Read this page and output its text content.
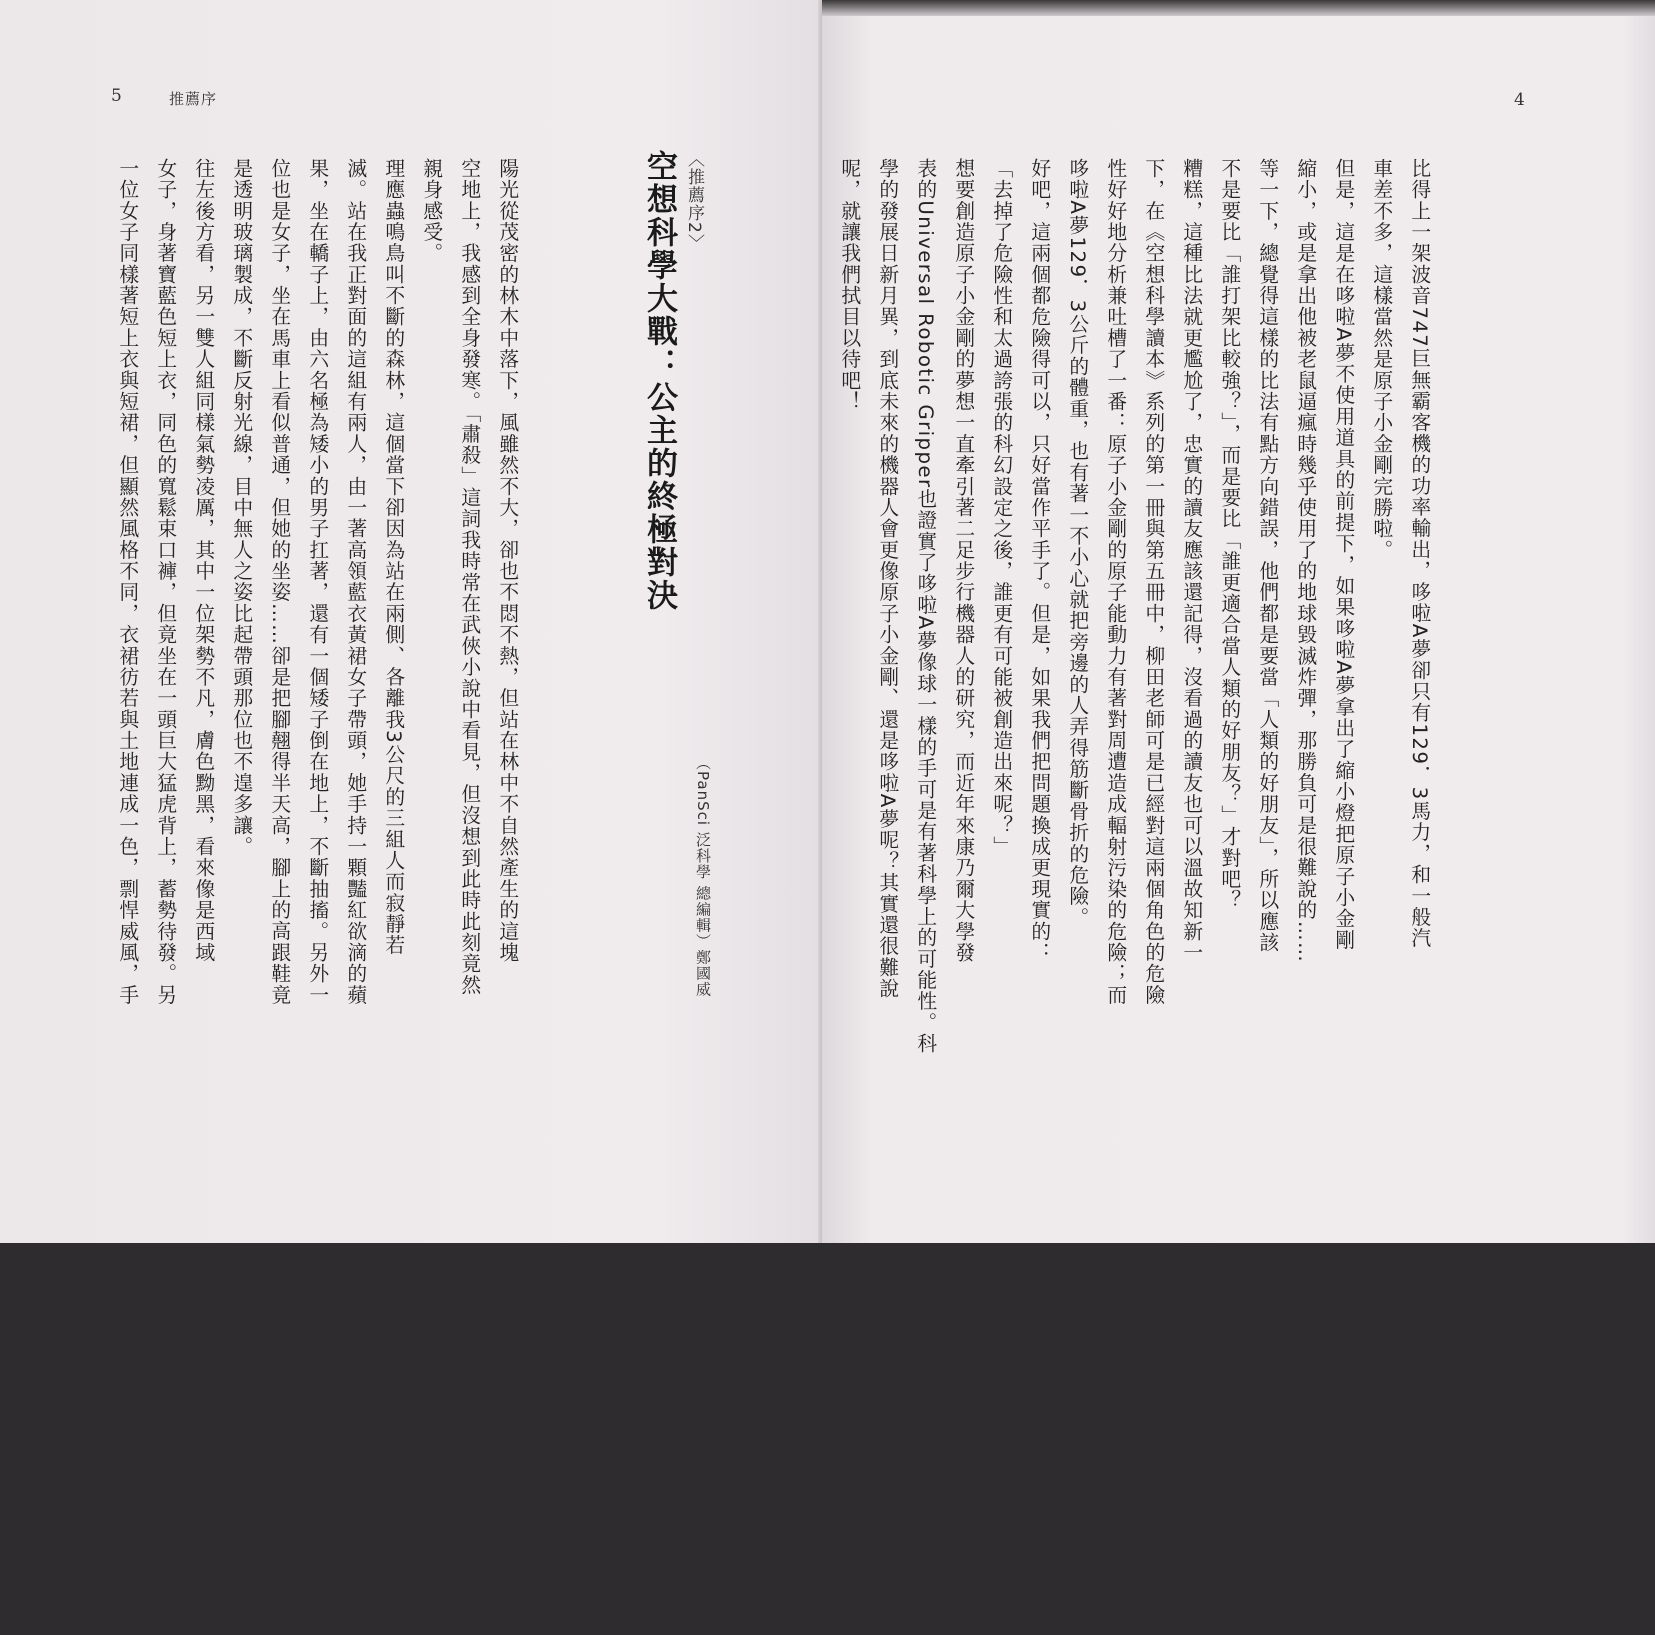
5	推薦序
〈推薦序2〉
空想科學大戰：公主的終極對決
（PanSci 泛科學 總編輯）鄭國威
陽光從茂密的林木中落下，風雖然不大，卻也不悶不熱，但站在林中不自然產生的這塊
空地上，我感到全身發寒。「肅殺」這詞我時常在武俠小說中看見，但沒想到此時此刻竟然
親身感受。
理應蟲鳴鳥叫不斷的森林，這個當下卻因為站在兩側、各離我3公尺的三組人而寂靜若
滅。站在我正對面的這組有兩人，由一著高領藍衣黃裙女子帶頭，她手持一顆豔紅欲滴的蘋
果，坐在轎子上，由六名極為矮小的男子扛著，還有一個矮子倒在地上，不斷抽搐。另外一
位也是女子，坐在馬車上看似普通，但她的坐姿……卻是把腳翹得半天高，腳上的高跟鞋竟
是透明玻璃製成，不斷反射光線，目中無人之姿比起帶頭那位也不遑多讓。
往左後方看，另一雙人組同樣氣勢凌厲，其中一位架勢不凡，膚色黝黑，看來像是西域
女子，身著寶藍色短上衣，同色的寬鬆束口褲，但竟坐在一頭巨大猛虎背上，蓄勢待發。另
一位女子同樣著短上衣與短裙，但顯然風格不同，衣裙彷若與土地連成一色，剽悍威風，手
4
比得上一架波音747巨無霸客機的功率輸出，哆啦A夢卻只有129．3馬力，和一般汽
車差不多，這樣當然是原子小金剛完勝啦。
但是，這是在哆啦A夢不使用道具的前提下，如果哆啦A夢拿出了縮小燈把原子小金剛
縮小，或是拿出他被老鼠逼瘋時幾乎使用了的地球毀滅炸彈，那勝負可是很難說的……
等一下，總覺得這樣的比法有點方向錯誤，他們都是要當「人類的好朋友」，所以應該
不是要比「誰打架比較強？」，而是要比「誰更適合當人類的好朋友？」才對吧？
糟糕，這種比法就更尷尬了，忠實的讀友應該還記得，沒看過的讀友也可以溫故知新一
下，在《空想科學讀本》系列的第一冊與第五冊中，柳田老師可是已經對這兩個角色的危險
性好好地分析兼吐槽了一番：原子小金剛的原子能動力有著對周遭造成輻射污染的危險；而
哆啦A夢129．3公斤的體重，也有著一不小心就把旁邊的人弄得筋斷骨折的危險。
好吧，這兩個都危險得可以，只好當作平手了。但是，如果我們把問題換成更現實的：
「去掉了危險性和太過誇張的科幻設定之後，誰更有可能被創造出來呢？」
想要創造原子小金剛的夢想一直牽引著二足步行機器人的研究，而近年來康乃爾大學發
表的Universal Robotic Gripper也證實了哆啦A夢像球一樣的手可是有著科學上的可能性。科
學的發展日新月異，到底未來的機器人會更像原子小金剛、還是哆啦A夢呢？其實還很難說
呢，就讓我們拭目以待吧！
